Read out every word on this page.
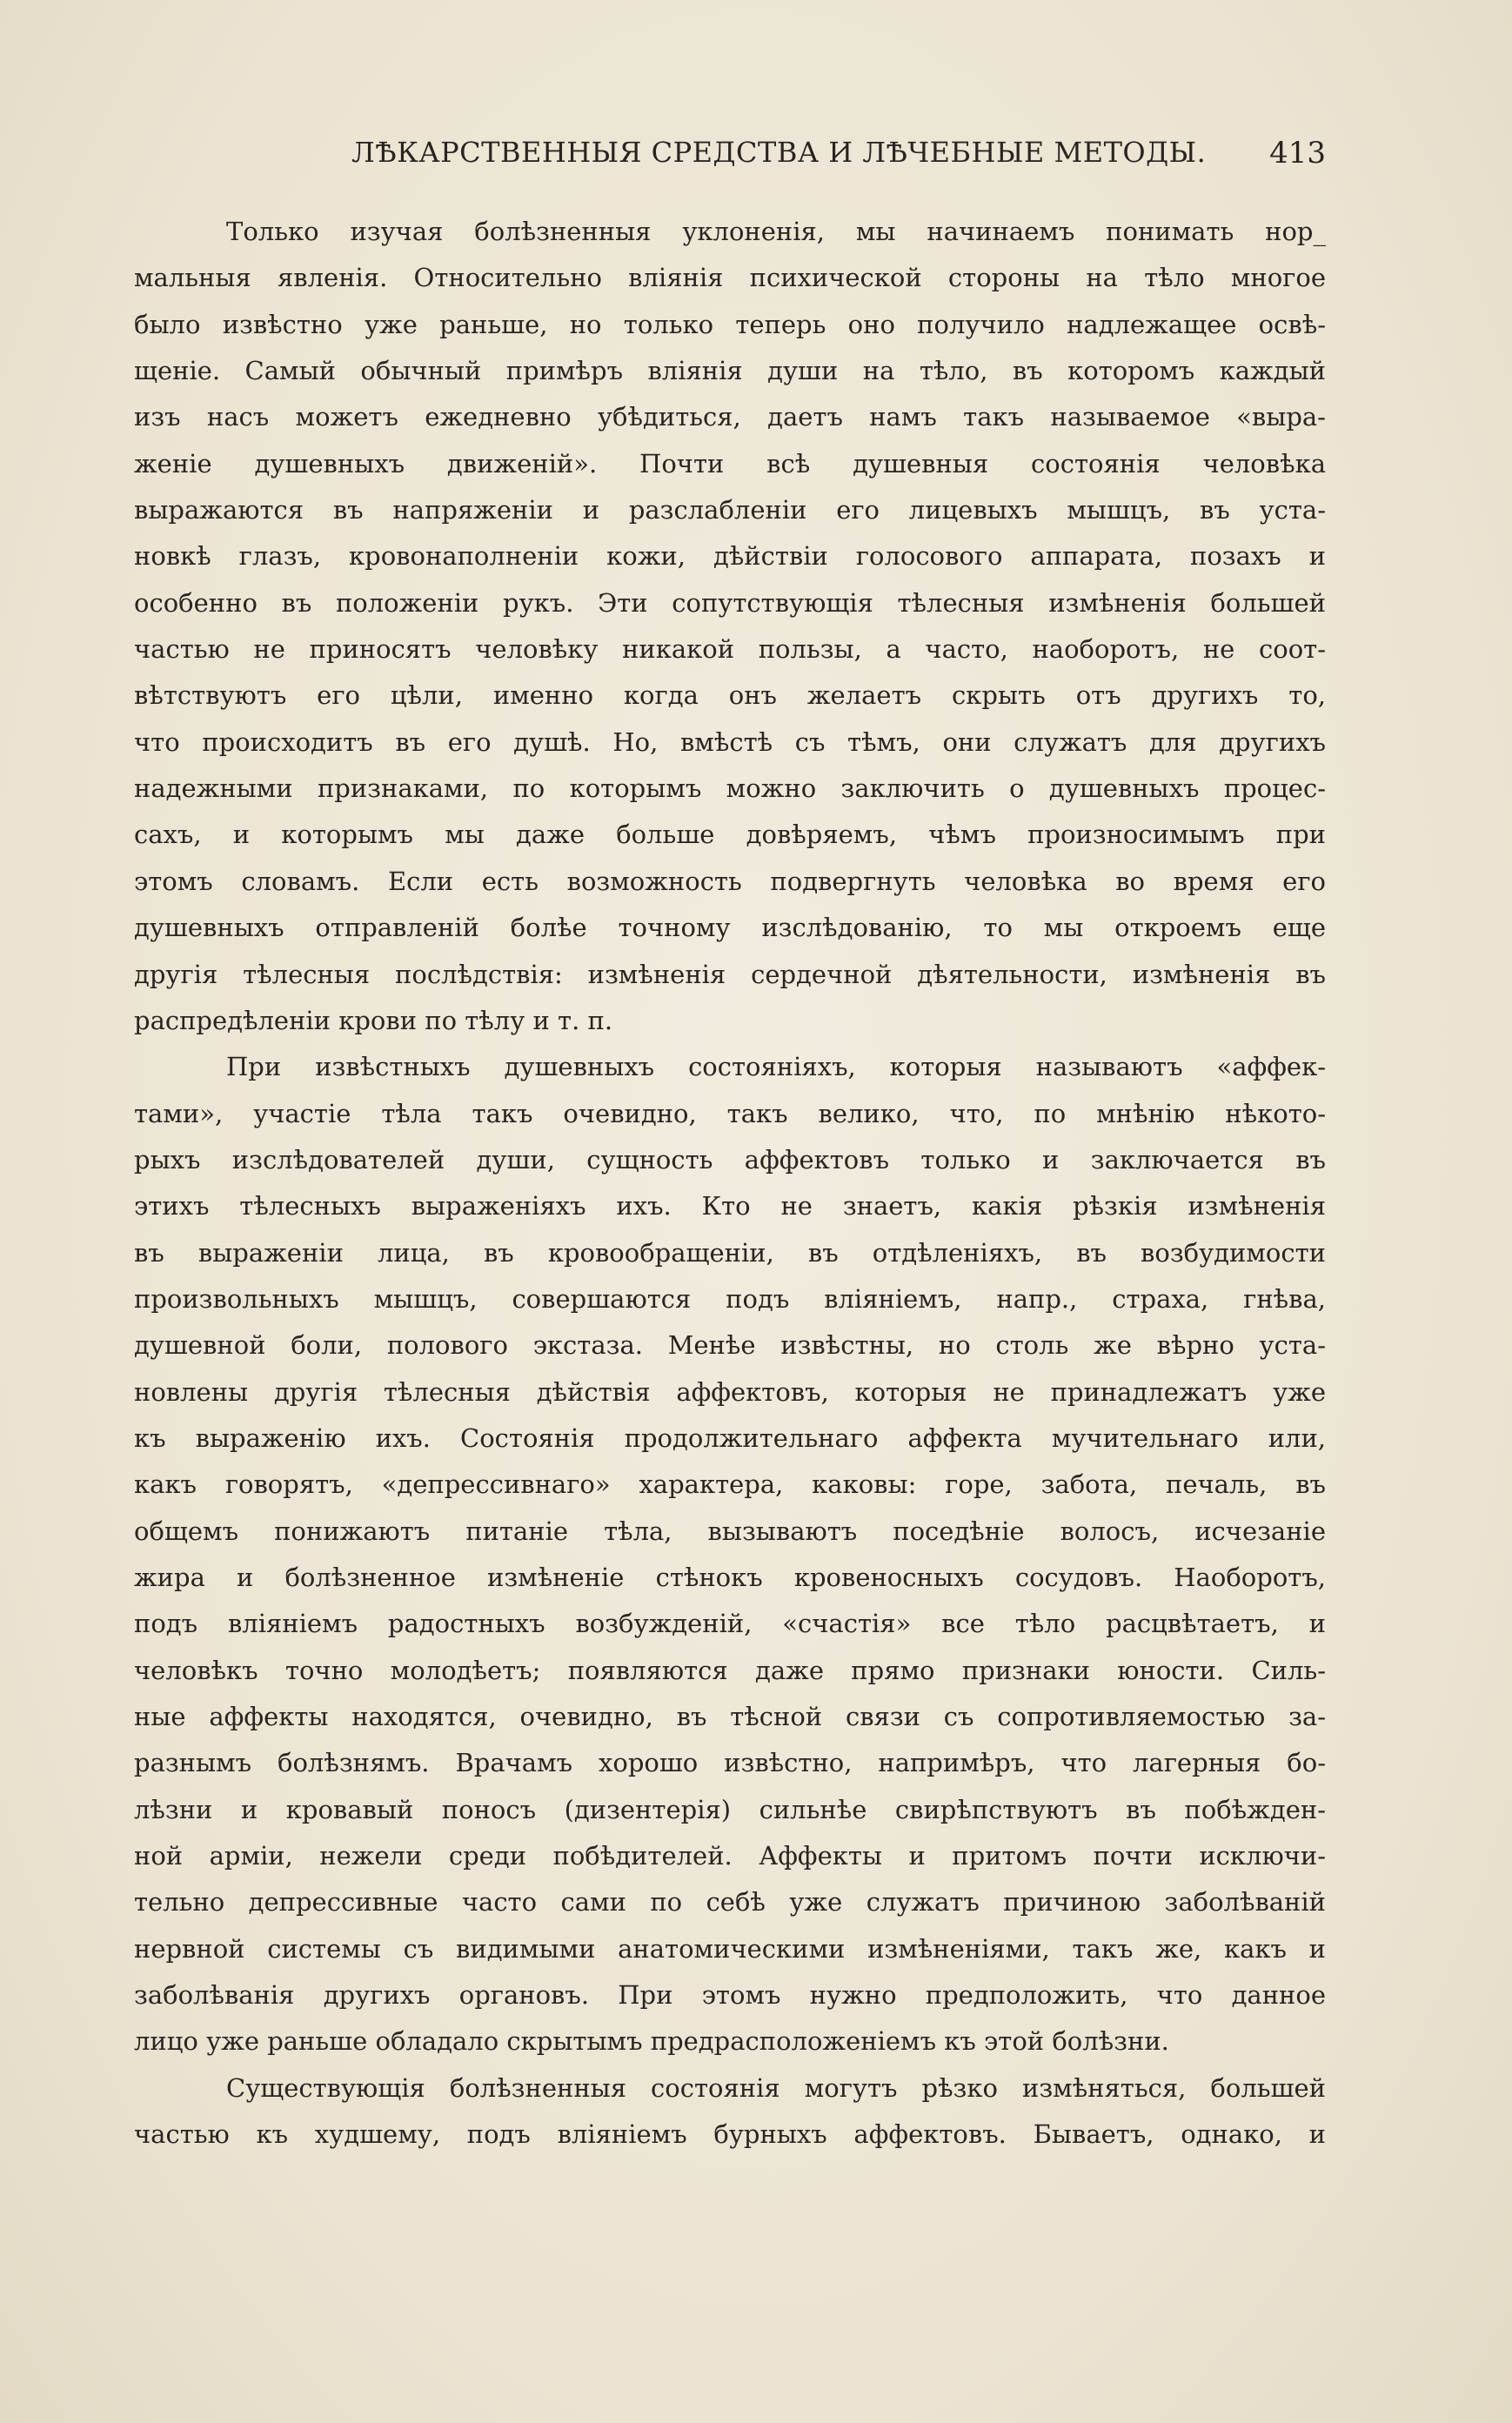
ЛѢКАРСТВЕННЫЯ СРЕДСТВА И ЛѢЧЕБНЫЕ МЕТОДЫ. 413
Только изучая болѣзненныя уклоненія, мы начинаемъ понимать нор_
мальныя явленія. Относительно вліянія психической стороны на тѣло многое
было извѣстно уже раньше, но только теперь оно получило надлежащее освѣ-
щеніе. Самый обычный примѣръ вліянія души на тѣло, въ которомъ каждый
изъ насъ можетъ ежедневно убѣдиться, даетъ намъ такъ называемое «выра-
женіе душевныхъ движеній». Почти всѣ душевныя состоянія человѣка
выражаются въ напряженіи и разслабленіи его лицевыхъ мышцъ, въ уста-
новкѣ глазъ, кровонаполненіи кожи, дѣйствіи голосового аппарата, позахъ и
особенно въ положеніи рукъ. Эти сопутствующія тѣлесныя измѣненія большей
частью не приносятъ человѣку никакой пользы, а часто, наоборотъ, не соот-
вѣтствуютъ его цѣли, именно когда онъ желаетъ скрыть отъ другихъ то,
что происходитъ въ его душѣ. Но, вмѣстѣ съ тѣмъ, они служатъ для другихъ
надежными признаками, по которымъ можно заключить о душевныхъ процес-
сахъ, и которымъ мы даже больше довѣряемъ, чѣмъ произносимымъ при
этомъ словамъ. Если есть возможность подвергнуть человѣка во время его
душевныхъ отправленій болѣе точному изслѣдованію, то мы откроемъ еще
другія тѣлесныя послѣдствія: измѣненія сердечной дѣятельности, измѣненія въ
распредѣленіи крови по тѣлу и т. п.
При извѣстныхъ душевныхъ состояніяхъ, которыя называютъ «аффек-
тами», участіе тѣла такъ очевидно, такъ велико, что, по мнѣнію нѣкото-
рыхъ изслѣдователей души, сущность аффектовъ только и заключается въ
этихъ тѣлесныхъ выраженіяхъ ихъ. Кто не знаетъ, какія рѣзкія измѣненія
въ выраженіи лица, въ кровообращеніи, въ отдѣленіяхъ, въ возбудимости
произвольныхъ мышцъ, совершаются подъ вліяніемъ, напр., страха, гнѣва,
душевной боли, полового экстаза. Менѣе извѣстны, но столь же вѣрно уста-
новлены другія тѣлесныя дѣйствія аффектовъ, которыя не принадлежатъ уже
къ выраженію ихъ. Состоянія продолжительнаго аффекта мучительнаго или,
какъ говорятъ, «депрессивнаго» характера, каковы: горе, забота, печаль, въ
общемъ понижаютъ питаніе тѣла, вызываютъ поседѣніе волосъ, исчезаніе
жира и болѣзненное измѣненіе стѣнокъ кровеносныхъ сосудовъ. Наоборотъ,
подъ вліяніемъ радостныхъ возбужденій, «счастія» все тѣло расцвѣтаетъ, и
человѣкъ точно молодѣетъ; появляются даже прямо признаки юности. Силь-
ные аффекты находятся, очевидно, въ тѣсной связи съ сопротивляемостью за-
разнымъ болѣзнямъ. Врачамъ хорошо извѣстно, напримѣръ, что лагерныя бо-
лѣзни и кровавый поносъ (дизентерія) сильнѣе свирѣпствуютъ въ побѣжден-
ной арміи, нежели среди побѣдителей. Аффекты и притомъ почти исключи-
тельно депрессивные часто сами по себѣ уже служатъ причиною заболѣваній
нервной системы съ видимыми анатомическими измѣненіями, такъ же, какъ и
заболѣванія другихъ органовъ. При этомъ нужно предположить, что данное
лицо уже раньше обладало скрытымъ предрасположеніемъ къ этой болѣзни.
Существующія болѣзненныя состоянія могутъ рѣзко измѣняться, большей
частью къ худшему, подъ вліяніемъ бурныхъ аффектовъ. Бываетъ, однако, и
